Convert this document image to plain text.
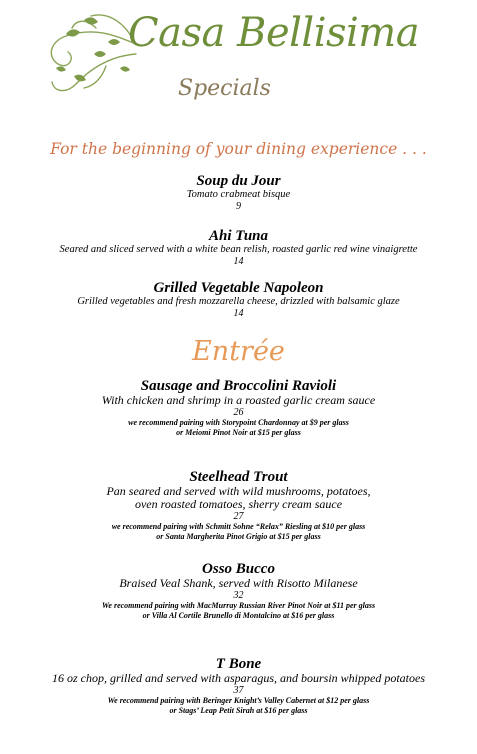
Casa Bellisima
Specials
For the beginning of your dining experience . . .
Soup du Jour
Tomato crabmeat bisque
9
Ahi Tuna
Seared and sliced served with a white bean relish, roasted garlic red wine vinaigrette
14
Grilled Vegetable Napoleon
Grilled vegetables and fresh mozzarella cheese, drizzled with balsamic glaze
14
Entrée
Sausage and Broccolini Ravioli
With chicken and shrimp in a roasted garlic cream sauce
26
we recommend pairing with Storypoint Chardonnay at $9 per glass
or Meiomi Pinot Noir at $15 per glass
Steelhead Trout
Pan seared and served with wild mushrooms, potatoes,
oven roasted tomatoes, sherry cream sauce
27
we recommend pairing with Schmitt Sohne “Relax” Riesling at $10 per glass
or Santa Margherita Pinot Grigio at $15 per glass
Osso Bucco
Braised Veal Shank, served with Risotto Milanese
32
We recommend pairing with MacMurray Russian River Pinot Noir at $11 per glass
or Villa Al Cortile Brunello di Montalcino at $16 per glass
T Bone
16 oz chop, grilled and served with asparagus, and boursin whipped potatoes
37
We recommend pairing with Beringer Knight’s Valley Cabernet at $12 per glass
or Stags’ Leap Petit Sirah at $16 per glass
